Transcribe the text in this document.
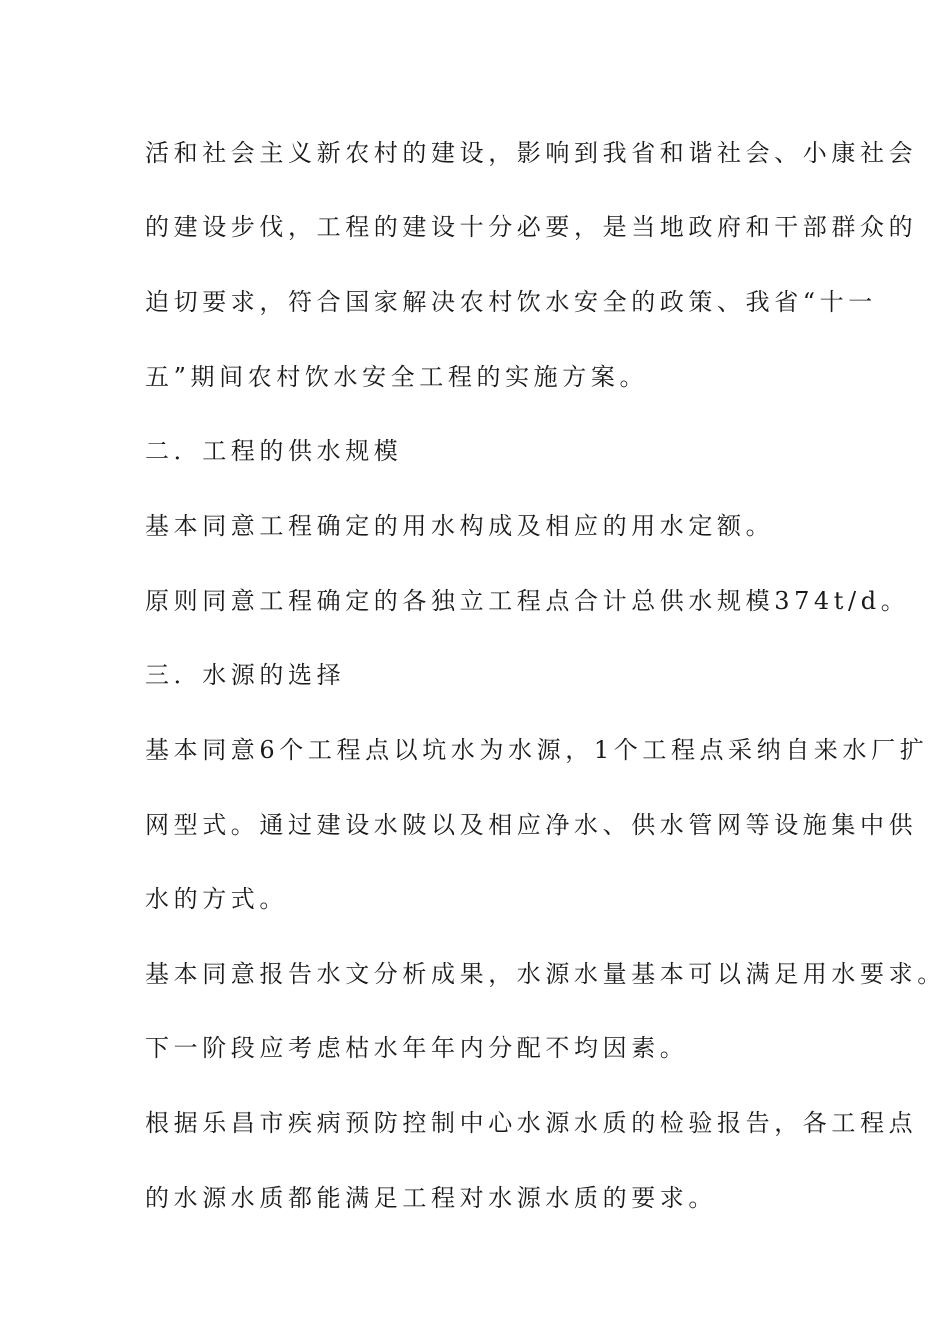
活和社会主义新农村的建设，影响到我省和谐社会、小康社会
的建设步伐，工程的建设十分必要，是当地政府和干部群众的
迫切要求，符合国家解决农村饮水安全的政策、我省“十一
五”期间农村饮水安全工程的实施方案。
二．工程的供水规模
基本同意工程确定的用水构成及相应的用水定额。
原则同意工程确定的各独立工程点合计总供水规模374t/d。
三．水源的选择
基本同意6个工程点以坑水为水源，1个工程点采纳自来水厂扩
网型式。通过建设水陂以及相应净水、供水管网等设施集中供
水的方式。
基本同意报告水文分析成果，水源水量基本可以满足用水要求。
下一阶段应考虑枯水年年内分配不均因素。
根据乐昌市疾病预防控制中心水源水质的检验报告，各工程点
的水源水质都能满足工程对水源水质的要求。
